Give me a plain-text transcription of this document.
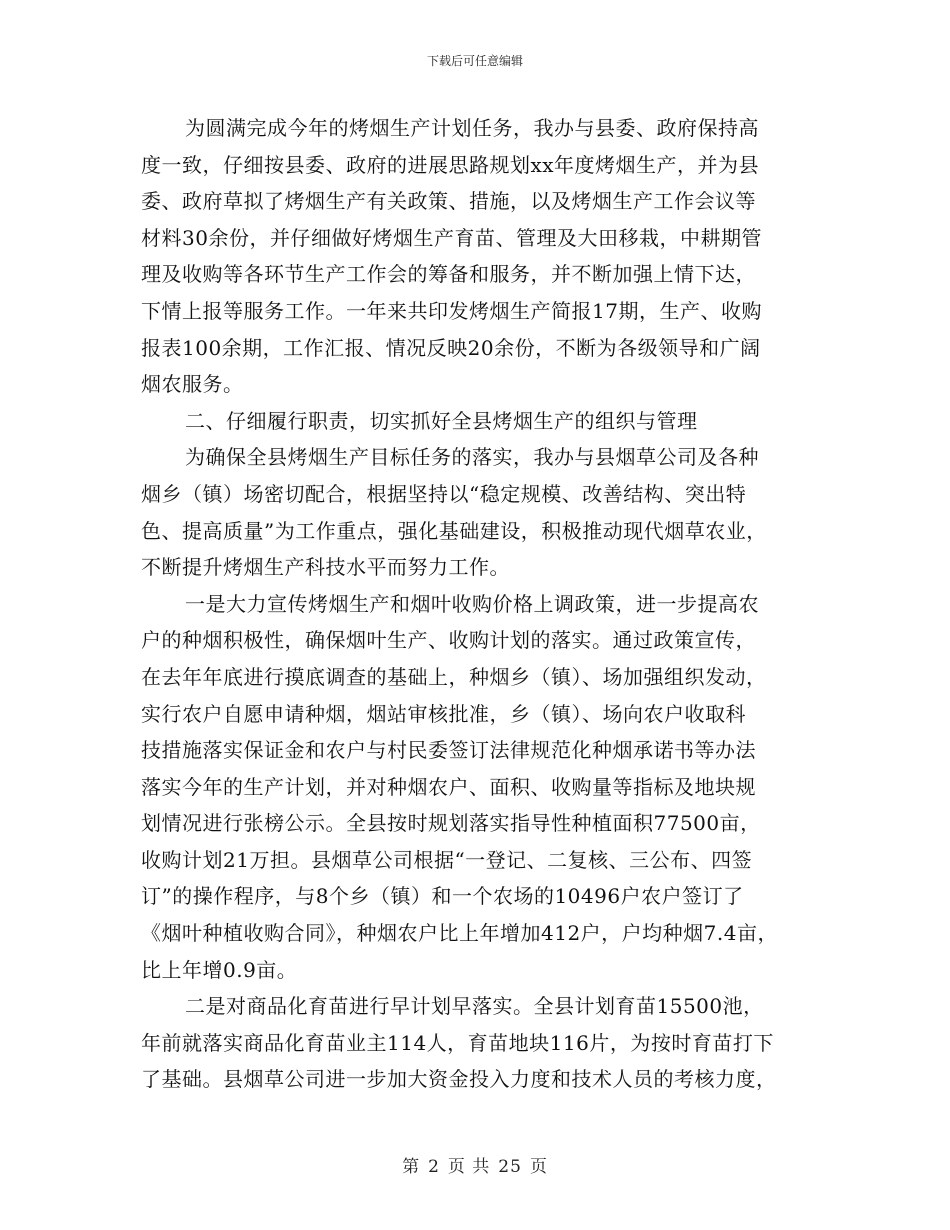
下载后可任意编辑
为圆满完成今年的烤烟生产计划任务，我办与县委、政府保持高
度一致，仔细按县委、政府的进展思路规划xx年度烤烟生产，并为县
委、政府草拟了烤烟生产有关政策、措施，以及烤烟生产工作会议等
材料30余份，并仔细做好烤烟生产育苗、管理及大田移栽，中耕期管
理及收购等各环节生产工作会的筹备和服务，并不断加强上情下达，
下情上报等服务工作。一年来共印发烤烟生产简报17期，生产、收购
报表100余期，工作汇报、情况反映20余份，不断为各级领导和广阔
烟农服务。
二、仔细履行职责，切实抓好全县烤烟生产的组织与管理
为确保全县烤烟生产目标任务的落实，我办与县烟草公司及各种
烟乡（镇）场密切配合，根据坚持以“稳定规模、改善结构、突出特
色、提高质量”为工作重点，强化基础建设，积极推动现代烟草农业，
不断提升烤烟生产科技水平而努力工作。
一是大力宣传烤烟生产和烟叶收购价格上调政策，进一步提高农
户的种烟积极性，确保烟叶生产、收购计划的落实。通过政策宣传，
在去年年底进行摸底调查的基础上，种烟乡（镇）、场加强组织发动，
实行农户自愿申请种烟，烟站审核批准，乡（镇）、场向农户收取科
技措施落实保证金和农户与村民委签订法律规范化种烟承诺书等办法
落实今年的生产计划，并对种烟农户、面积、收购量等指标及地块规
划情况进行张榜公示。全县按时规划落实指导性种植面积77500亩，
收购计划21万担。县烟草公司根据“一登记、二复核、三公布、四签
订”的操作程序，与8个乡（镇）和一个农场的10496户农户签订了
《烟叶种植收购合同》，种烟农户比上年增加412户，户均种烟7.4亩，
比上年增0.9亩。
二是对商品化育苗进行早计划早落实。全县计划育苗15500池，
年前就落实商品化育苗业主114人，育苗地块116片，为按时育苗打下
了基础。县烟草公司进一步加大资金投入力度和技术人员的考核力度，
第 2 页 共 25 页
